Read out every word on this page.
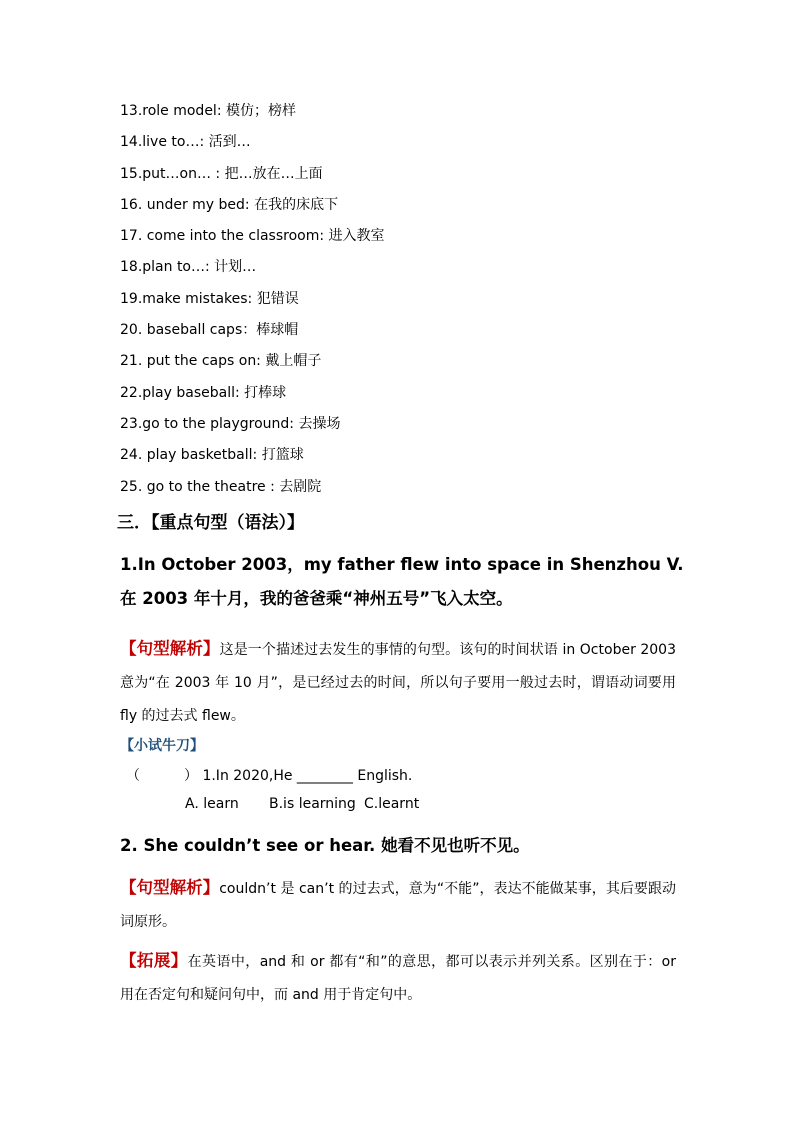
13.role model: 模仿；榜样
14.live to…: 活到…
15.put…on… : 把…放在…上面
16. under my bed: 在我的床底下
17. come into the classroom: 进入教室
18.plan to…: 计划…
19.make mistakes: 犯错误
20. baseball caps：棒球帽
21. put the caps on: 戴上帽子
22.play baseball: 打棒球
23.go to the playground: 去操场
24. play basketball: 打篮球
25. go to the theatre : 去剧院
三．【重点句型（语法）】
1.In October 2003，my father flew into space in Shenzhou V. 在 2003 年十月，我的爸爸乘“神州五号”飞入太空。
【句型解析】这是一个描述过去发生的事情的句型。该句的时间状语 in October 2003 意为“在 2003 年 10 月”，是已经过去的时间，所以句子要用一般过去时，谓语动词要用 fly 的过去式 flew。
【小试牛刀】
（	） 1.In 2020,He ________ English.
A. learn B.is learning C.learnt
2. She couldn’t see or hear. 她看不见也听不见。
【句型解析】couldn’t 是 can’t 的过去式，意为“不能”，表达不能做某事，其后要跟动词原形。
【拓展】在英语中，and 和 or 都有“和”的意思，都可以表示并列关系。区别在于：or 用在否定句和疑问句中，而 and 用于肯定句中。
